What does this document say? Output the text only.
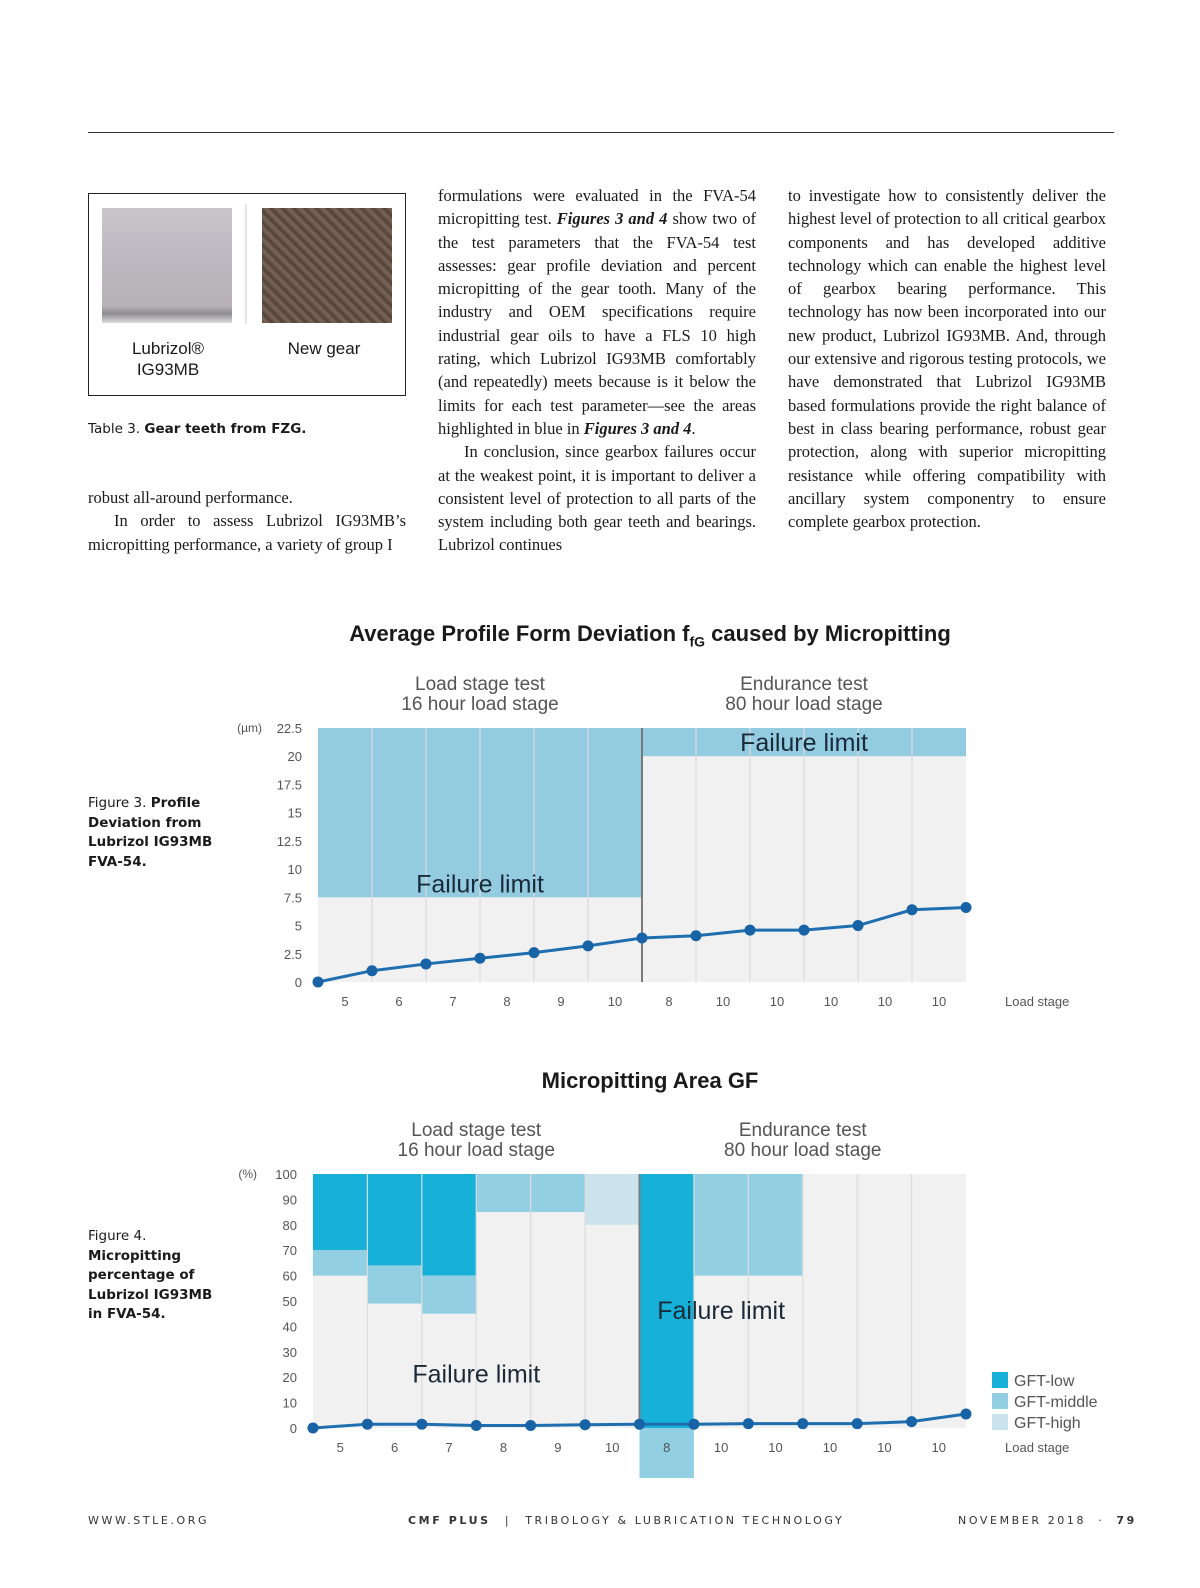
Lubrizol®
IG93MB
New gear
Table 3. Gear teeth from FZG.

robust all-around performance.

In order to assess Lubrizol IG93MB’s micropitting performance, a variety of group I

formulations were evaluated in the FVA-54 micropitting test. Figures 3 and 4 show two of the test parameters that the FVA-54 test assesses: gear profile deviation and percent micropitting of the gear tooth. Many of the industry and OEM specifications require industrial gear oils to have a FLS 10 high rating, which Lubrizol IG93MB comfortably (and repeatedly) meets because is it below the limits for each test parameter—see the areas highlighted in blue in Figures 3 and 4.

In conclusion, since gearbox failures occur at the weakest point, it is important to deliver a consistent level of protection to all parts of the system including both gear teeth and bearings. Lubrizol continues

to investigate how to consistently deliver the highest level of protection to all critical gearbox components and has developed additive technology which can enable the highest level of gearbox bearing performance. This technology has now been incorporated into our new product, Lubrizol IG93MB. And, through our extensive and rigorous testing protocols, we have demonstrated that Lubrizol IG93MB based formulations provide the right balance of best in class bearing performance, robust gear protection, along with superior micropitting resistance while offering compatibility with ancillary system componentry to ensure complete gearbox protection.

Average Profile Form Deviation $f_{fG}$ caused by Micropitting
Figure 3. Profile Deviation from Lubrizol IG93MB FVA-54.
Failure limit
Failure limit
22.5
20
17.5
15
12.5
10
7.5
5
2.5
0
(µm)
5	6	7	8	9	10	8	10	10	10	10	10	Load stage
Load stage test
16 hour load stage
Endurance test
80 hour load stage
Micropitting Area GF
Figure 4. Micropitting percentage of Lubrizol IG93MB in FVA-54.
Failure limit
Failure limit
100
90
80
70
60
50
40
30
20
10
0
(%)
5	6	7	8	9	10	8	10	10	10	10	10	Load stage
Load stage test
16 hour load stage
Endurance test
80 hour load stage
GFT-low
GFT-middle
GFT-high
WWW.STLE.ORG	CMF PLUS | TRIBOLOGY & LUBRICATION TECHNOLOGY	NOVEMBER 2018 · 79
